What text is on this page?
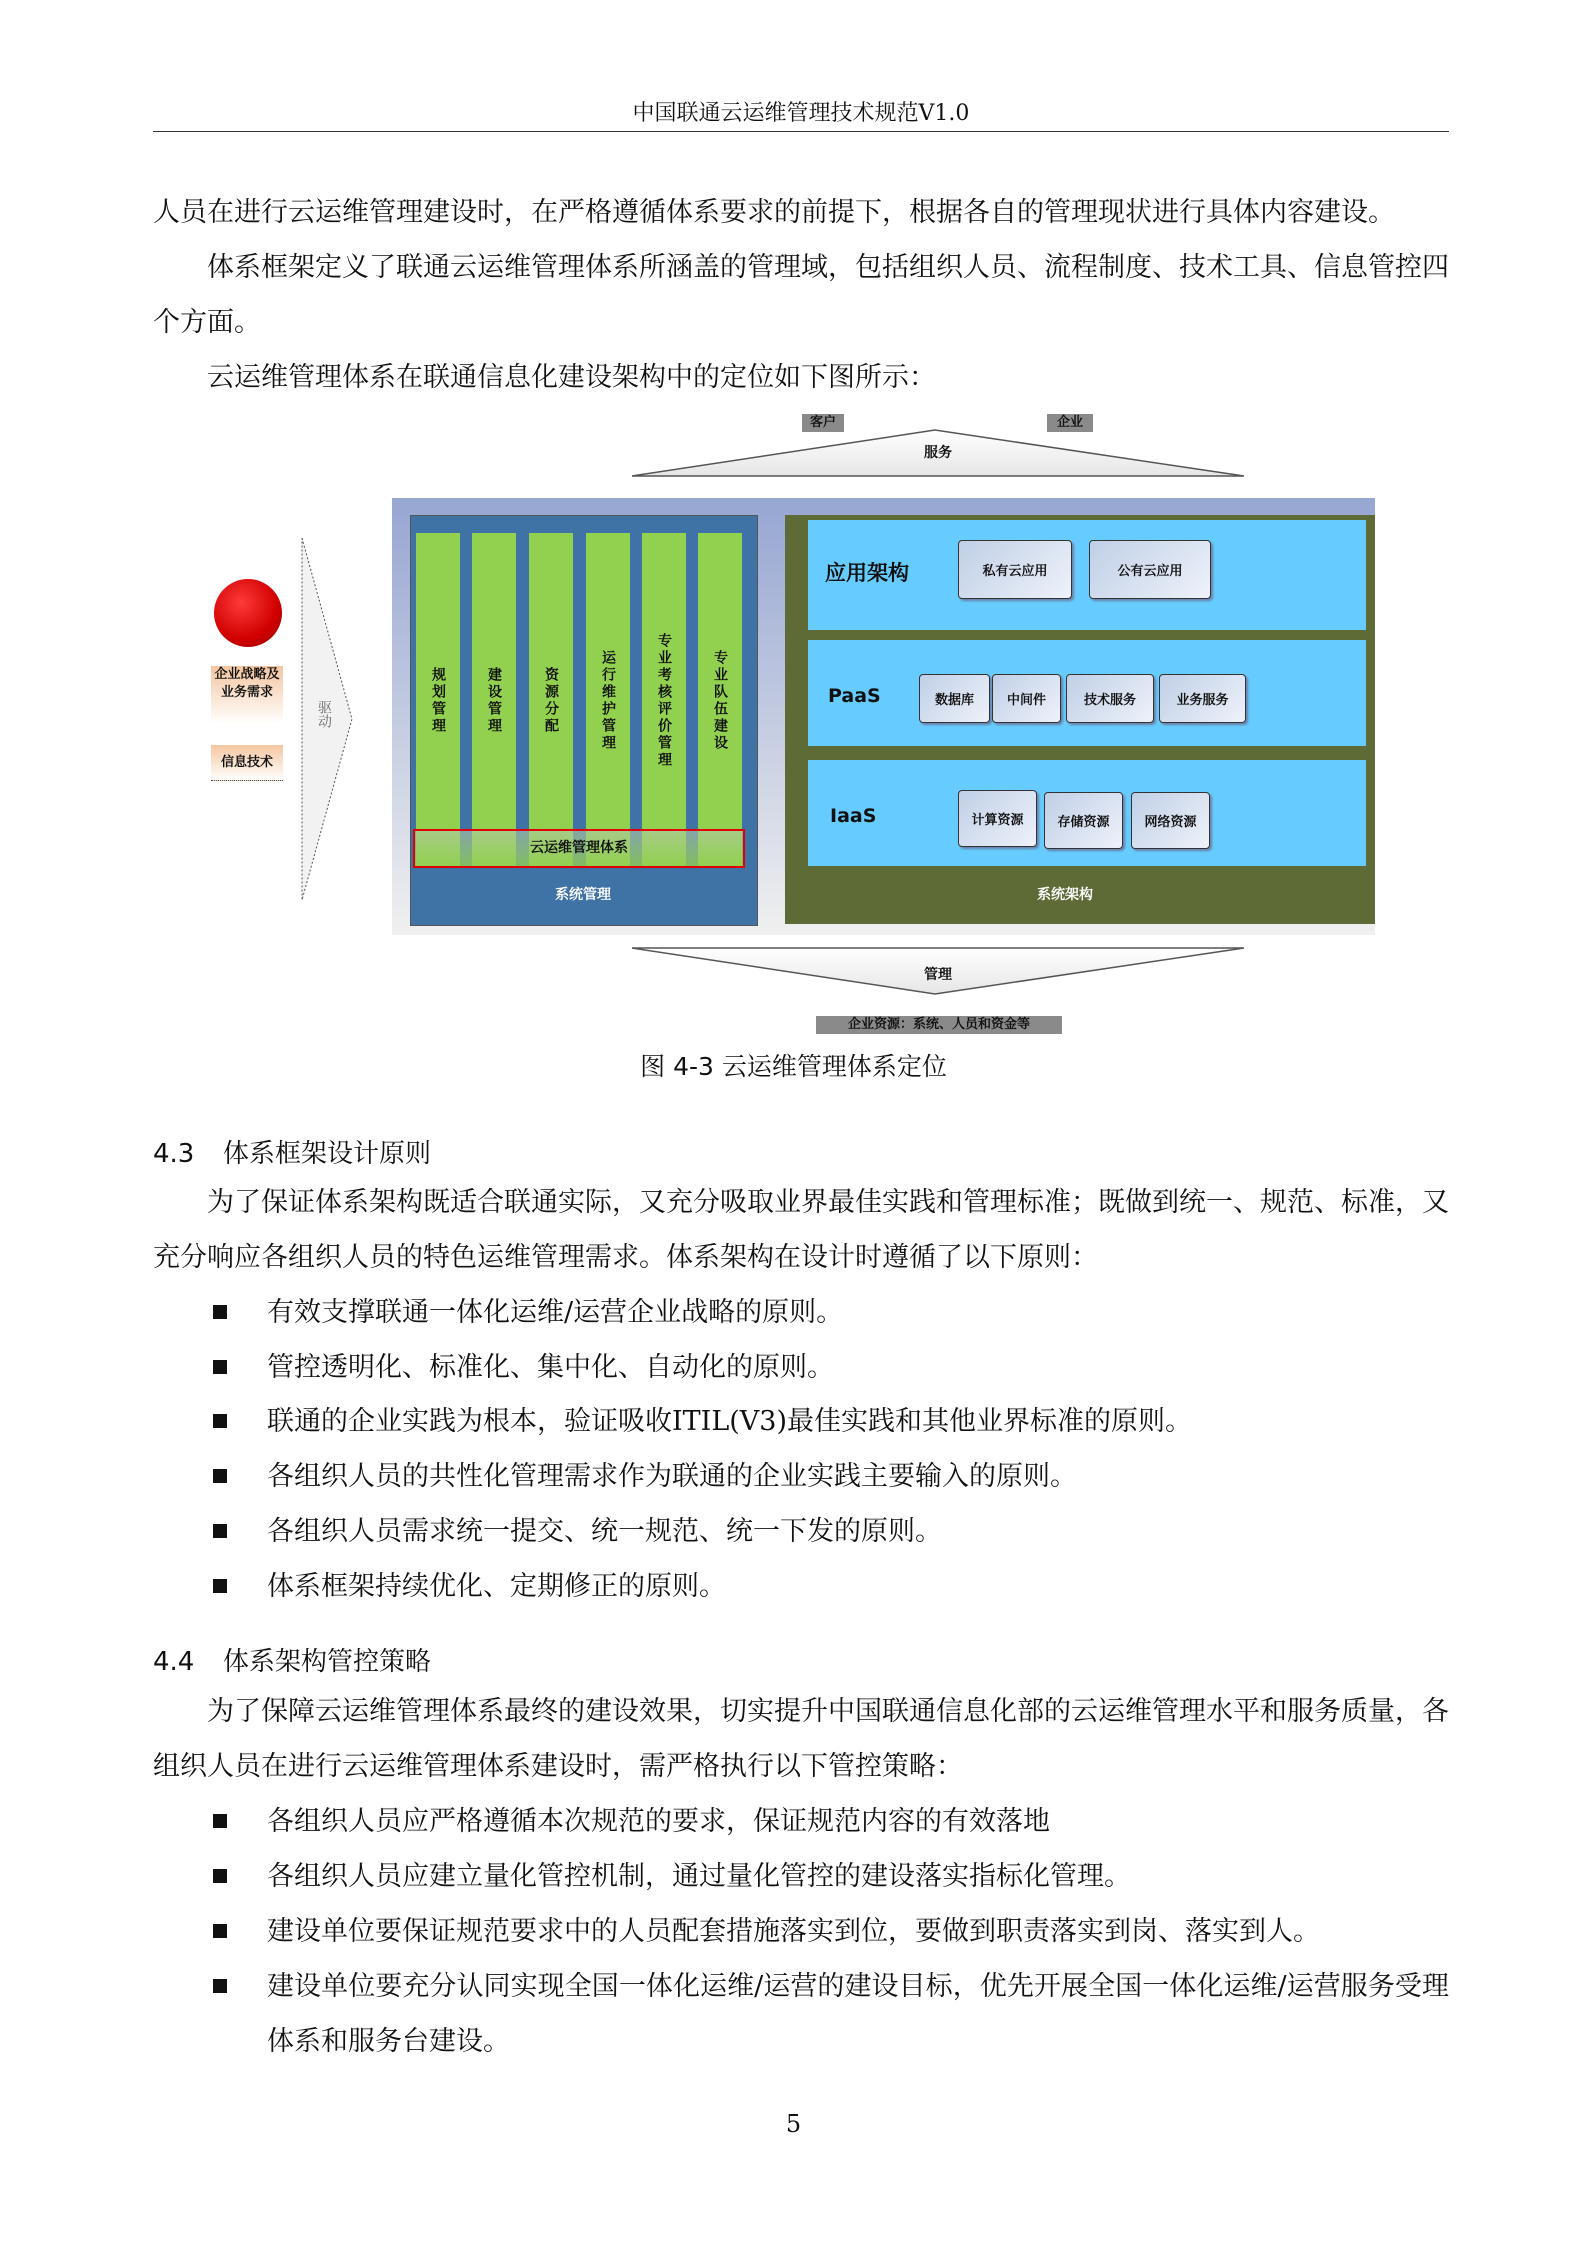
中国联通云运维管理技术规范V1.0
人员在进行云运维管理建设时，在严格遵循体系要求的前提下，根据各自的管理现状进行具体内容建设。
体系框架定义了联通云运维管理体系所涵盖的管理域，包括组织人员、流程制度、技术工具、信息管控四个方面。
云运维管理体系在联通信息化建设架构中的定位如下图所示：
客户	企业
服务
企业战略及业务需求
信息技术
驱动	规划管理	建设管理	资源分配	运行维护管理	专业考核评价管理	专业队伍建设
云运维管理体系
系统管理
应用架构
PaaS
IaaS
私有云应用	公有云应用
数据库	中间件	技术服务	业务服务
计算资源	存储资源	网络资源
系统架构
管理
企业资源：系统、人员和资金等
图 4-3 云运维管理体系定位
4.3 体系框架设计原则
为了保证体系架构既适合联通实际，又充分吸取业界最佳实践和管理标准；既做到统一、规范、标准，又充分响应各组织人员的特色运维管理需求。体系架构在设计时遵循了以下原则：
有效支撑联通一体化运维/运营企业战略的原则。
管控透明化、标准化、集中化、自动化的原则。
联通的企业实践为根本，验证吸收ITIL(V3)最佳实践和其他业界标准的原则。
各组织人员的共性化管理需求作为联通的企业实践主要输入的原则。
各组织人员需求统一提交、统一规范、统一下发的原则。
体系框架持续优化、定期修正的原则。
4.4 体系架构管控策略
为了保障云运维管理体系最终的建设效果，切实提升中国联通信息化部的云运维管理水平和服务质量，各组织人员在进行云运维管理体系建设时，需严格执行以下管控策略：
各组织人员应严格遵循本次规范的要求，保证规范内容的有效落地
各组织人员应建立量化管控机制，通过量化管控的建设落实指标化管理。
建设单位要保证规范要求中的人员配套措施落实到位，要做到职责落实到岗、落实到人。
建设单位要充分认同实现全国一体化运维/运营的建设目标，优先开展全国一体化运维/运营服务受理体系和服务台建设。
5
